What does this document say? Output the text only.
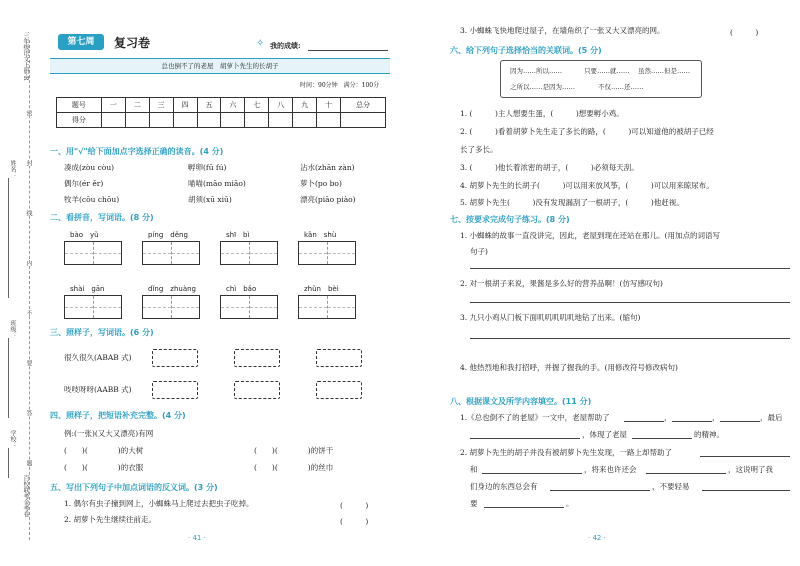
姓名：
班级：
学校：
三年级语文上册·R
百校联考金考卷
密
封
线
内
不
要
答
题
第七周	复习卷	✧ 我的成绩:
总也倒不了的老屋　胡萝卜先生的长胡子
时间：90分钟　满分：100分
题号	一	二	三	四	五	六	七	八	九	十	总分
得分											
一、用"√"给下面加点字选择正确的读音。(4 分)
凑成(zòu còu)	孵卵(fū fú)	沾水(zhān zàn)
偶尔(ér ěr)	喵喵(māo miāo)	萝卜(po bo)
牧羊(cōu chōu)	胡须(xū xiū)	漂亮(piāo piào)
二、看拼音，写词语。(8 分)
bào　yǔ	píng　děng	shī　bì	kǎn　shù
shài　gān	dǐng　zhuàng	chì　bǎo	zhǔn　bèi
三、照样子，写词语。(6 分)
很久很久(ABAB 式)
吱吱呀呀(AABB 式)
四、照样子，把短语补充完整。(4 分)
例:(一张)(又大又漂亮)有网
(　　)(　　　　)的大树	(　　)(　　　　)的饼干
(　　)(　　　　)的衣服	(　　)(　　　　)的丝巾
五、写出下列句子中加点词语的反义词。(3 分)
1. 偶尔有虫子撞到网上，小蜘蛛马上爬过去把虫子吃掉。	(　　　)
2. 胡萝卜先生继续往前走。	(　　　)
· 41 ·
3. 小蜘蛛飞快地爬过屋子，在墙角织了一张又大又漂亮的网。	(　　　)
六、给下列句子选择恰当的关联词。(5 分)
因为……所以……	只要……就…… 虽然……但是……
之所以……是因为……	不仅……还……
1. (　　　)主人想要生蛋，(　　　)想要孵小鸡。
2. (　　　)看着胡萝卜先生走了多长的路，(　　　)可以知道他的被胡子已经
长了多长。
3. (　　　)他长着浓密的胡子，(　　　)必须每天刮。
4. 胡萝卜先生的长胡子(　　　)可以用来放风筝，(　　　)可以用来晾尿布。
5. 胡萝卜先生(　　　)没有发现漏刮了一根胡子，(　　　)他赶视。
七、按要求完成句子练习。(8 分)
1. 小蜘蛛的故事一直没讲完，因此，老屋到现在还站在那儿。(用加点的词语写
句子)
2. 对一根胡子来说，果酱是多么好的营养品啊！(仿写感叹句)
3. 九只小鸡从门板下面叽叽叽叽叽地钻了出来。(缩句)
4. 他热烈地和我打招呼，并握了握我的手。(用修改符号修改病句)
八、根据课文及所学内容填空。(11 分)
1.《总也倒不了的老屋》一文中，老屋帮助了	，	，	，最后
，体现了老屋	的精神。
2. 胡萝卜先生的胡子并没有被胡萝卜先生发现，一路上却帮助了
和	，将来也许还会	，这说明了我
们身边的东西总会有	，不要轻易
要	。
· 42 ·
